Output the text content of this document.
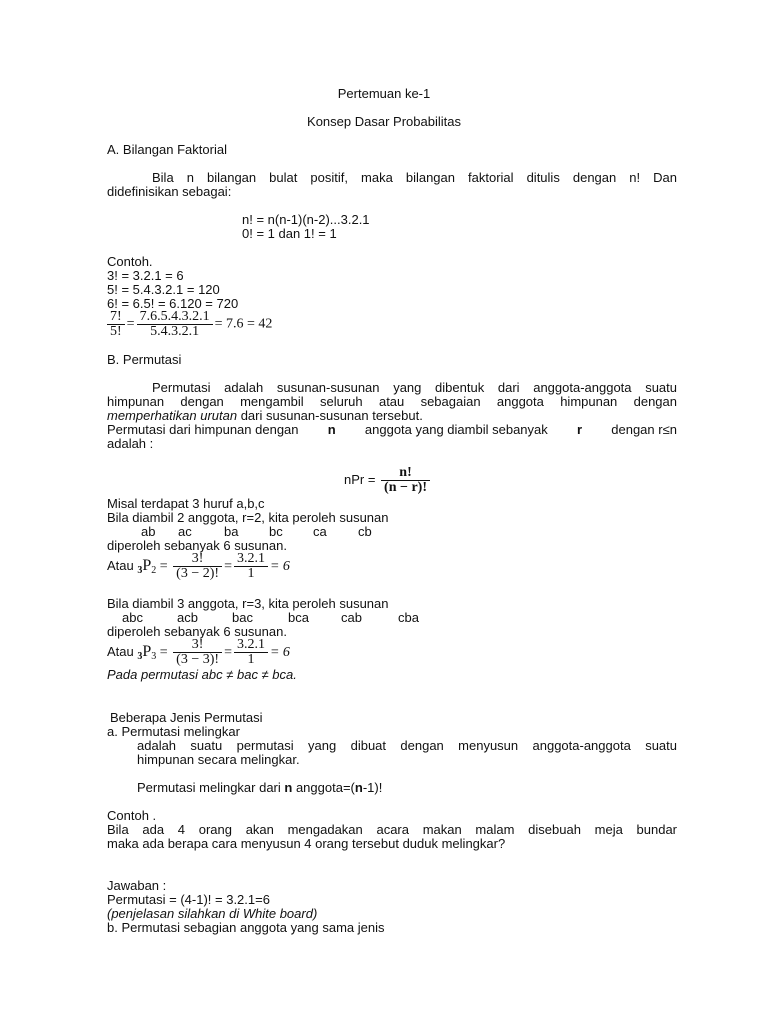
Pertemuan ke-1
Konsep Dasar Probabilitas
A. Bilangan Faktorial
Bila n bilangan bulat positif, maka bilangan faktorial ditulis dengan n! Dan
didefinisikan sebagai:
n! = n(n-1)(n-2)...3.2.1
0! = 1 dan 1! = 1
Contoh.
3! = 3.2.1 = 6
5! = 5.4.3.2.1 = 120
6! = 6.5! = 6.120 = 720
$\frac{7!}{5!} = \frac{7.6.5.4.3.2.1}{5.4.3.2.1} = 7.6 = 42$
B. Permutasi
Permutasi adalah susunan-susunan yang dibentuk dari anggota-anggota suatu
himpunan dengan mengambil seluruh atau sebagaian anggota himpunan dengan
memperhatikan urutan dari susunan-susunan tersebut.
Permutasi dari himpunan dengan n anggota yang diambil sebanyak r dengan r≤n
adalah :
nPr = $\frac{n!}{(n - r)!}$
Misal terdapat 3 huruf a,b,c
Bila diambil 2 anggota, r=2, kita peroleh susunan
ab ac ba bc ca cb
diperoleh sebanyak 6 susunan.
Atau $_3P_2 = \frac{3!}{(3 - 2)!} = \frac{3.2.1}{1} = 6$
Bila diambil 3 anggota, r=3, kita peroleh susunan
abc	acb	bac	bca cab	cba
diperoleh sebanyak 6 susunan.
Atau $_3P_3 = \frac{3!}{(3 - 3)!} = \frac{3.2.1}{1} = 6$
Pada permutasi abc ≠ bac ≠ bca.
Beberapa Jenis Permutasi
a. Permutasi melingkar
adalah suatu permutasi yang dibuat dengan menyusun anggota-anggota suatu
himpunan secara melingkar.
Permutasi melingkar dari n anggota=(n-1)!
Contoh .
Bila ada 4 orang akan mengadakan acara makan malam disebuah meja bundar
maka ada berapa cara menyusun 4 orang tersebut duduk melingkar?
Jawaban :
Permutasi = (4-1)! = 3.2.1=6
(penjelasan silahkan di White board)
b. Permutasi sebagian anggota yang sama jenis
